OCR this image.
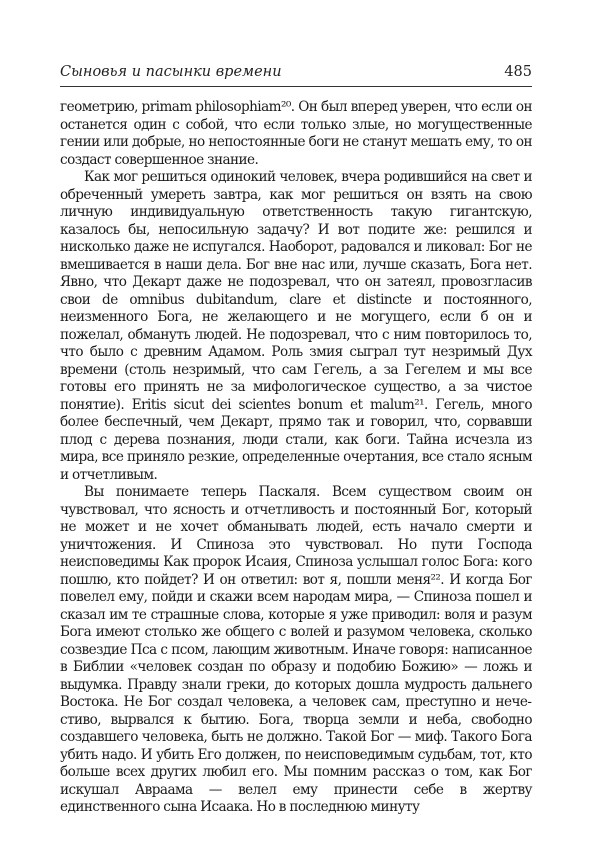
Сыновья и пасынки времени	485

геометрию, primam philosophiam²⁰. Он был вперед уверен, что если он останется один с собой, что если только злые, но могущественные гении или добрые, но непостоянные боги не станут мешать ему, то он создаст совершенное знание.

Как мог решиться одинокий человек, вчера родившийся на свет и обреченный умереть завтра, как мог решиться он взять на свою личную индивидуальную ответственность такую гигантскую, казалось бы, непосильную задачу? И вот подите же: решился и нисколько даже не испугался. Наоборот, радовался и ликовал: Бог не вмешивается в наши дела. Бог вне нас или, лучше сказать, Бога нет. Явно, что Декарт даже не подозревал, что он затеял, провозгласив свои de omnibus dubitandum, clare et distincte и постоянного, неизменного Бога, не желающего и не могущего, если б он и пожелал, обмануть людей. Не подозревал, что с ним повторилось то, что было с древним Адамом. Роль змия сыграл тут незримый Дух времени (столь незримый, что сам Гегель, а за Гегелем и мы все готовы его принять не за мифологическое существо, а за чистое понятие). Eritis sicut dei scientes bonum et malum²¹. Гегель, много более беспечный, чем Декарт, прямо так и говорил, что, сорвавши плод с дерева познания, люди стали, как боги. Тайна исчезла из мира, все приняло резкие, определенные очертания, все стало ясным и отчетливым.

Вы понимаете теперь Паскаля. Всем существом своим он чувствовал, что ясность и отчетливость и постоянный Бог, который не может и не хочет обманывать людей, есть начало смерти и уничтожения. И Спиноза это чувствовал. Но пути Господа неисповедимы Как пророк Исаия, Спиноза услышал голос Бога: кого пошлю, кто пойдет? И он ответил: вот я, пошли меня²². И когда Бог повелел ему, пойди и скажи всем народам мира, — Спиноза пошел и сказал им те страшные слова, которые я уже приводил: воля и разум Бога имеют столько же общего с волей и разумом человека, сколько созвездие Пса с псом, лающим животным. Иначе говоря: написанное в Библии «человек создан по образу и подобию Божию» — ложь и выдумка. Правду знали греки, до которых дошла мудрость дальнего Востока. Не Бог создал человека, а человек сам, преступно и нечестиво, вырвался к бытию. Бога, творца земли и неба, свободно создавшего человека, быть не должно. Такой Бог — миф. Такого Бога убить надо. И убить Его должен, по неисповедимым судьбам, тот, кто больше всех других любил его. Мы помним рассказ о том, как Бог искушал Авраама — велел ему принести себе в жертву единственного сына Исаака. Но в последнюю минуту
